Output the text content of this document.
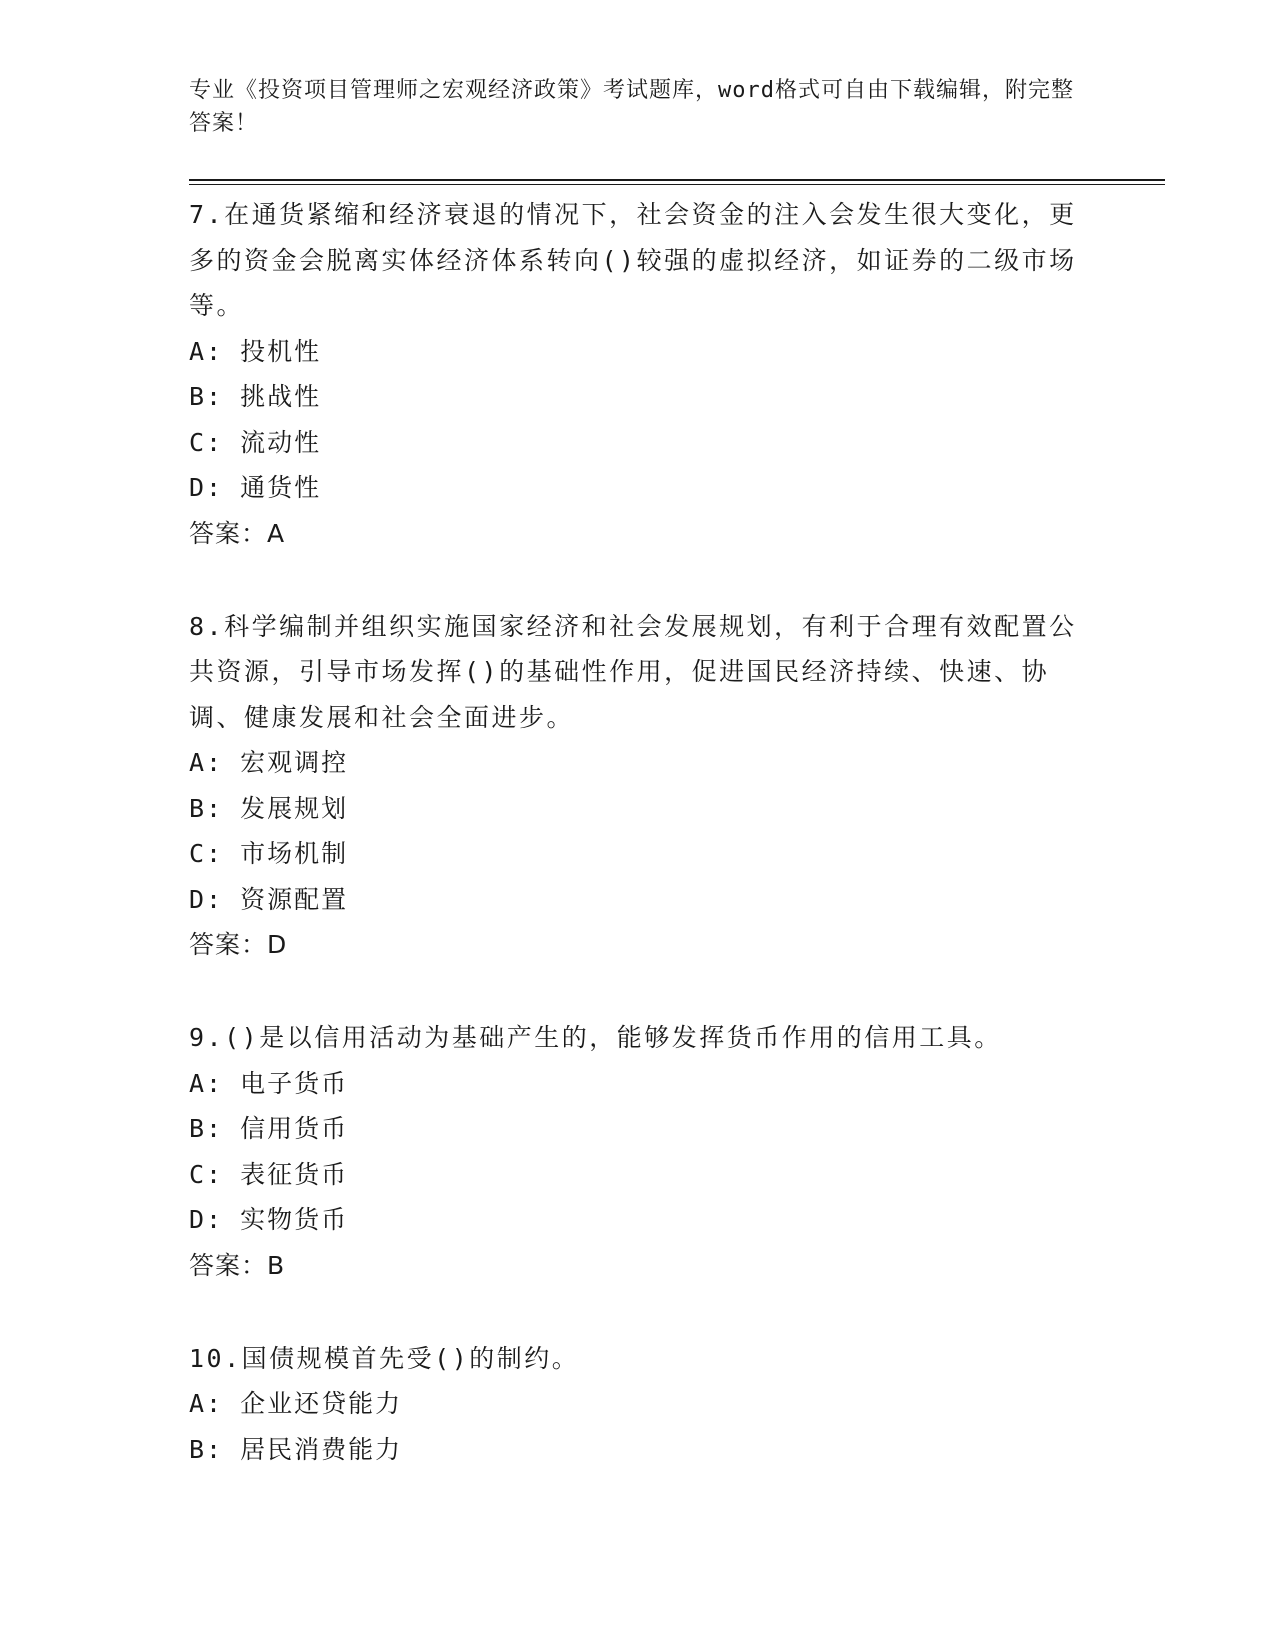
专业《投资项目管理师之宏观经济政策》考试题库，word格式可自由下载编辑，附完整答案！

7.在通货紧缩和经济衰退的情况下，社会资金的注入会发生很大变化，更多的资金会脱离实体经济体系转向()较强的虚拟经济，如证券的二级市场等。

A: 投机性
B: 挑战性
C: 流动性
D: 通货性
答案：A

8.科学编制并组织实施国家经济和社会发展规划，有利于合理有效配置公共资源，引导市场发挥()的基础性作用，促进国民经济持续、快速、协调、健康发展和社会全面进步。

A: 宏观调控
B: 发展规划
C: 市场机制
D: 资源配置
答案：D

9.()是以信用活动为基础产生的，能够发挥货币作用的信用工具。

A: 电子货币
B: 信用货币
C: 表征货币
D: 实物货币
答案：B

10.国债规模首先受()的制约。

A: 企业还贷能力
B: 居民消费能力
